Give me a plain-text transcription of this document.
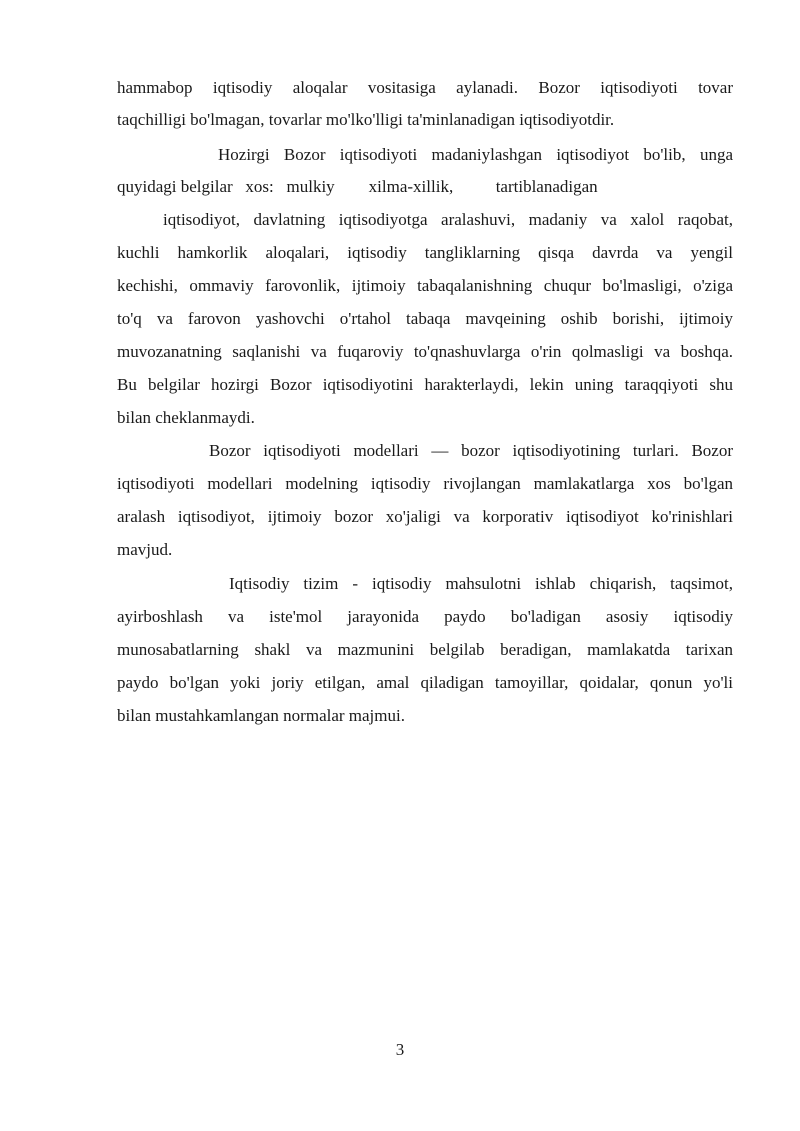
hammabop iqtisodiy aloqalar vositasiga aylanadi. Bozor iqtisodiyoti tovar
taqchilligi bo'lmagan, tovarlar mo'lko'lligi ta'minlanadigan iqtisodiyotdir.
Hozirgi Bozor iqtisodiyoti madaniylashgan iqtisodiyot bo'lib, unga
quyidagi belgilar   xos:   mulkiy        xilma-xillik,          tartiblanadigan
iqtisodiyot, davlatning iqtisodiyotga aralashuvi, madaniy va xalol raqobat,
kuchli hamkorlik aloqalari, iqtisodiy tangliklarning qisqa davrda va yengil
kechishi, ommaviy farovonlik, ijtimoiy tabaqalanishning chuqur bo'lmasligi, o'ziga
to'q va farovon yashovchi o'rtahol tabaqa mavqeining oshib borishi, ijtimoiy
muvozanatning saqlanishi va fuqaroviy to'qnashuvlarga o'rin qolmasligi va boshqa.
Bu belgilar hozirgi Bozor iqtisodiyotini harakterlaydi, lekin uning taraqqiyoti shu
bilan cheklanmaydi.
Bozor iqtisodiyoti modellari — bozor iqtisodiyotining turlari. Bozor
iqtisodiyoti modellari modelning iqtisodiy rivojlangan mamlakatlarga xos bo'lgan
aralash iqtisodiyot, ijtimoiy bozor xo'jaligi va korporativ iqtisodiyot ko'rinishlari
mavjud.
Iqtisodiy tizim - iqtisodiy mahsulotni ishlab chiqarish, taqsimot,
ayirboshlash va iste'mol jarayonida paydo bo'ladigan asosiy iqtisodiy
munosabatlarning shakl va mazmunini belgilab beradigan, mamlakatda tarixan
paydo bo'lgan yoki joriy etilgan, amal qiladigan tamoyillar, qoidalar, qonun yo'li
bilan mustahkamlangan normalar majmui.
3
